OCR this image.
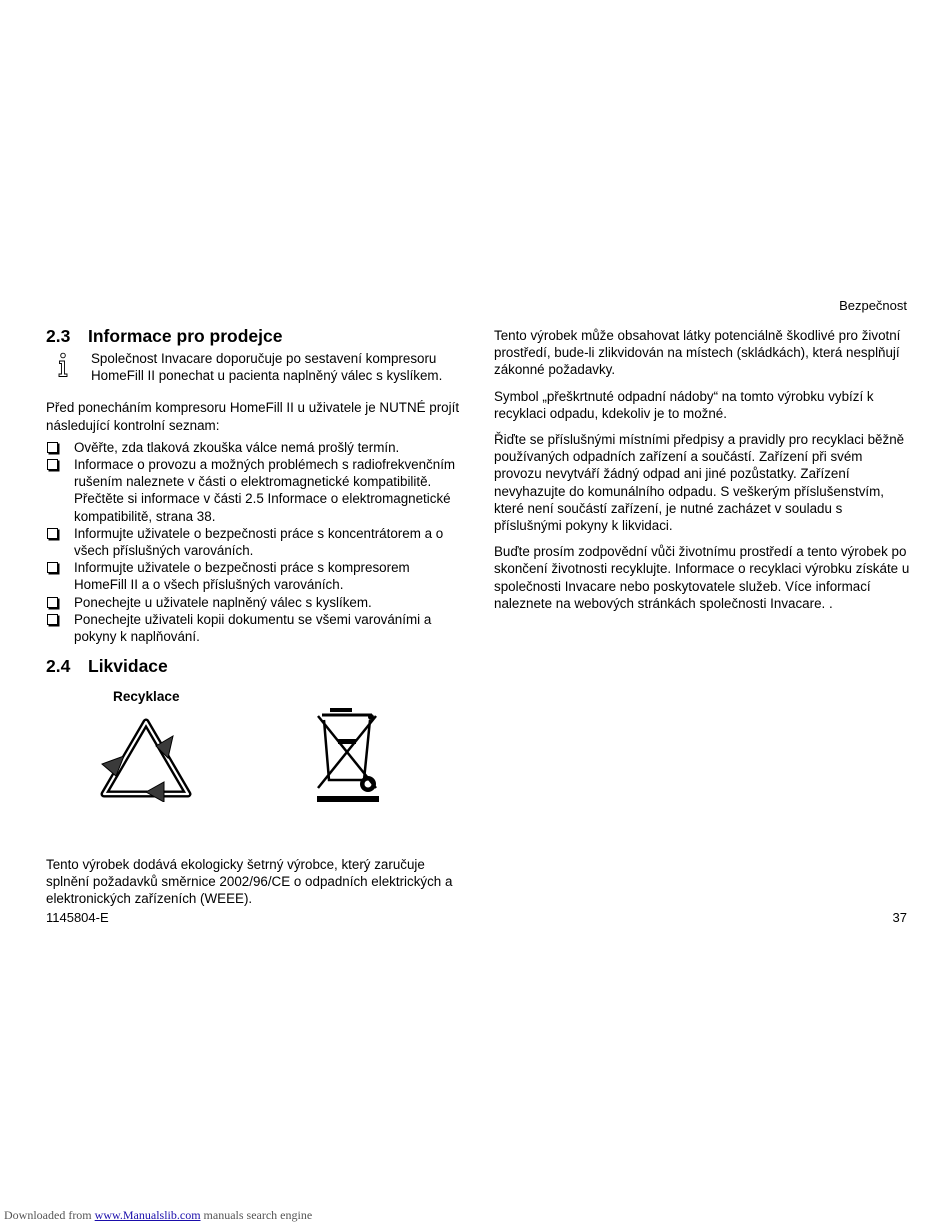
Bezpečnost
2.3 Informace pro prodejce

Společnost Invacare doporučuje po sestavení kompresoru HomeFill II ponechat u pacienta naplněný válec s kyslíkem.

Před ponecháním kompresoru HomeFill II u uživatele je NUTNÉ projít následující kontrolní seznam:

Ověřte, zda tlaková zkouška válce nemá prošlý termín.
Informace o provozu a možných problémech s radiofrekvenčním rušením naleznete v části o elektromagnetické kompatibilitě. Přečtěte si informace v části 2.5 Informace o elektromagnetické kompatibilitě, strana 38.
Informujte uživatele o bezpečnosti práce s koncentrátorem a o všech příslušných varováních.
Informujte uživatele o bezpečnosti práce s kompresorem HomeFill II a o všech příslušných varováních.
Ponechejte u uživatele naplněný válec s kyslíkem.
Ponechejte uživateli kopii dokumentu se všemi varováními a pokyny k naplňování.
2.4 Likvidace
Recyklace
Tento výrobek dodává ekologicky šetrný výrobce, který zaručuje splnění požadavků směrnice 2002/96/CE o odpadních elektrických a elektronických zařízeních (WEEE).

Tento výrobek může obsahovat látky potenciálně škodlivé pro životní prostředí, bude-li zlikvidován na místech (skládkách), která nesplňují zákonné požadavky.

Symbol „přeškrtnuté odpadní nádoby“ na tomto výrobku vybízí k recyklaci odpadu, kdekoliv je to možné.

Řiďte se příslušnými místními předpisy a pravidly pro recyklaci běžně používaných odpadních zařízení a součástí. Zařízení při svém provozu nevytváří žádný odpad ani jiné pozůstatky. Zařízení nevyhazujte do komunálního odpadu. S veškerým příslušenstvím, které není součástí zařízení, je nutné zacházet v souladu s příslušnými pokyny k likvidaci.

Buďte prosím zodpovědní vůči životnímu prostředí a tento výrobek po skončení životnosti recyklujte. Informace o recyklaci výrobku získáte u společnosti Invacare nebo poskytovatele služeb. Více informací naleznete na webových stránkách společnosti Invacare. .

1145804-E	37
Downloaded from www.Manualslib.com manuals search engine
